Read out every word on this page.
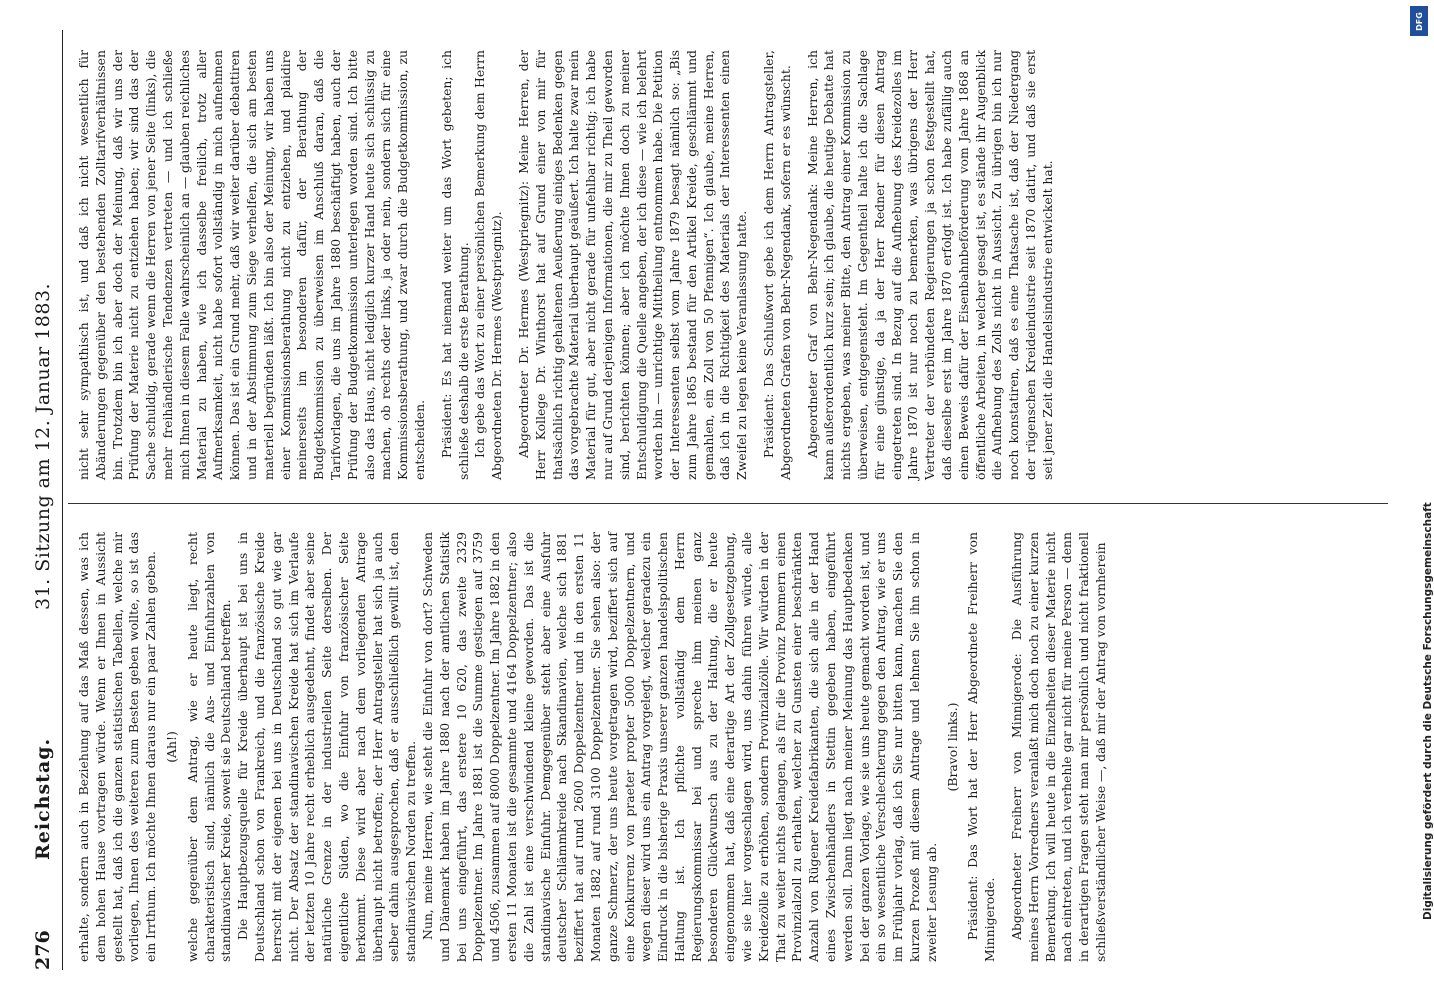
276
Reichstag.
31. Sitzung am 12. Januar 1883.

erhalte, sondern auch in Beziehung auf das Maß dessen, was ich dem hohen Hause vortragen würde. Wenn er Ihnen in Aussicht gestellt hat, daß ich die ganzen statistischen Tabellen, welche mir vorliegen, Ihnen des weiteren zum Besten geben wollte, so ist das ein Irrthum. Ich möchte Ihnen daraus nur ein paar Zahlen geben. (Ah!) welche gegenüber dem Antrag, wie er heute liegt, recht charakteristisch sind, nämlich die Aus- und Einfuhrzahlen von standinavischer Kreide, soweit sie Deutschland betreffen. Die Hauptbezugsquelle für Kreide überhaupt ist bei uns in Deutschland schon von Frankreich, und die französische Kreide herrscht mit der eigenen bei uns in Deutschland so gut wie gar nicht. Der Absatz der standinavischen Kreide hat sich im Verlaufe der letzten 10 Jahre recht erheblich ausgedehnt, findet aber seine natürliche Grenze in der industriellen Seite derselben. Der eigentliche Süden, wo die Einfuhr von französischer Seite herkommt. Diese wird aber nach dem vorliegenden Antrage überhaupt nicht betroffen; der Herr Antragsteller hat sich ja auch selber dahin ausgesprochen, daß er ausschließlich gewillt ist, den standinavischen Norden zu treffen. Nun, meine Herren, wie steht die Einfuhr von dort? Schweden und Dänemark haben im Jahre 1880 nach der amtlichen Statistik bei uns eingeführt, das erstere 10 620, das zweite 2329 Doppelzentner. Im Jahre 1881 ist die Summe gestiegen auf 3759 und 4506, zusammen auf 8000 Doppelzentner. Im Jahre 1882 in den ersten 11 Monaten ist die gesammte und 4164 Doppelzentner; also die Zahl ist eine verschwindend kleine geworden. Das ist die standinavische Einfuhr. Demgegenüber steht aber eine Ausfuhr deutscher Schlämmkreide nach Skandinavien, welche sich 1881 beziffert hat auf rund 2600 Doppelzentner und in den ersten 11 Monaten 1882 auf rund 3100 Doppelzentner. Sie sehen also: der ganze Schmerz, der uns heute vorgetragen wird, beziffert sich auf eine Konkurrenz von praeter propter 5000 Doppelzentnern, und wegen dieser wird uns ein Antrag vorgelegt, welcher geradezu ein Eindruck in die bisherige Praxis unserer ganzen handelspolitischen Haltung ist. Ich pflichte vollständig dem Herrn Regierungskommissar bei und spreche ihm meinen ganz besonderen Glückwunsch aus zu der Haltung, die er heute eingenommen hat, daß eine derartige Art der Zollgesetzgebung, wie sie hier vorgeschlagen wird, uns dahin führen würde, alle Kreidezölle zu erhöhen, sondern Provinzialzölle. Wir würden in der That zu weiter nichts gelangen, als für die Provinz Pommern einen Provinzialzoll zu erhalten, welcher zu Gunsten einer beschränkten Anzahl von Rügener Kreidefabrikanten, die sich alle in der Hand eines Zwischenhändlers in Stettin gegeben haben, eingeführt werden soll. Dann liegt nach meiner Meinung das Hauptbedenken bei der ganzen Vorlage, wie sie uns heute gemacht worden ist, und ein so wesentliche Verschlechterung gegen den Antrag, wie er uns im Frühjahr vorlag, daß ich Sie nur bitten kann, machen Sie den kurzen Prozeß mit diesem Antrage und lehnen Sie ihn schon in zweiter Lesung ab.

(Bravo! links.) Präsident: Das Wort hat der Herr Abgeordnete Freiherr von Minnigerode. Abgeordneter Freiherr von Minnigerode: Die Ausführung meines Herrn Vorredners veranlaßt mich doch noch zu einer kurzen Bemerkung. Ich will heute in die Einzelheiten dieser Materie nicht nach eintreten, und ich verhehle gar nicht für meine Person — denn in derartigen Fragen steht man mir persönlich und nicht fraktionell schließverständlicher Weise —, daß mir der Antrag von vornherein

nicht sehr sympathisch ist, und daß ich nicht wesentlich für Abänderungen gegenüber den bestehenden Zolltarifverhältnissen bin. Trotzdem bin ich aber doch der Meinung, daß wir uns der Prüfung der Materie nicht zu entziehen haben; wir sind das der Sache schuldig, gerade wenn die Herren von jener Seite (links), die mehr freihändlerische Tendenzen vertreten — und ich schließe mich Ihnen in diesem Falle wahrscheinlich an — glauben reichliches Material zu haben, wie ich dasselbe freilich, trotz aller Aufmerksamkeit, nicht habe sofort vollständig in mich aufnehmen können. Das ist ein Grund mehr, daß wir weiter darüber debattiren und in der Abstimmung zum Siege verhelfen, die sich am besten materiell begründen läßt. Ich bin also der Meinung, wir haben uns einer Kommissionsberathung nicht zu entziehen, und plaidire meinerseits im besonderen dafür, der Berathung der Budgetkommission zu überweisen im Anschluß daran, daß die Tarifvorlagen, die uns im Jahre 1880 beschäftigt haben, auch der Prüfung der Budgetkommission unterlegen worden sind. Ich bitte also das Haus, nicht lediglich kurzer Hand heute sich schlüssig zu machen, ob rechts oder links, ja oder nein, sondern sich für eine Kommissionsberathung, und zwar durch die Budgetkommission, zu entscheiden. Präsident: Es hat niemand weiter um das Wort gebeten; ich schließe deshalb die erste Berathung. Ich gebe das Wort zu einer persönlichen Bemerkung dem Herrn Abgeordneten Dr. Hermes (Westpriegnitz). Abgeordneter Dr. Hermes (Westpriegnitz): Meine Herren, der Herr Kollege Dr. Winthorst hat auf Grund einer von mir für thatsächlich richtig gehaltenen Aeußerung einiges Bedenken gegen das vorgebrachte Material überhaupt geäußert. Ich halte zwar mein Material für gut, aber nicht gerade für unfehlbar richtig; ich habe nur auf Grund derjenigen Informationen, die mir zu Theil geworden sind, berichten können; aber ich möchte Ihnen doch zu meiner Entschuldigung die Quelle angeben, der ich diese — wie ich belehrt worden bin — unrichtige Mittheilung entnommen habe. Die Petition der Interessenten selbst vom Jahre 1879 besagt nämlich so: „Bis zum Jahre 1865 bestand für den Artikel Kreide, geschlämmt und gemahlen, ein Zoll von 50 Pfennigen“. Ich glaube, meine Herren, daß ich in die Richtigkeit des Materials der Interessenten einen Zweifel zu legen keine Veranlassung hatte. Präsident: Das Schlußwort gebe ich dem Herrn Antragsteller, Abgeordneten Grafen von Behr-Negendank, sofern er es wünscht. Abgeordneter Graf von Behr-Negendank: Meine Herren, ich kann außerordentlich kurz sein; ich glaube, die heutige Debatte hat nichts ergeben, was meiner Bitte, den Antrag einer Kommission zu überweisen, entgegensteht. Im Gegentheil halte ich die Sachlage für eine günstige, da ja der Herr Redner für diesen Antrag eingetreten sind. In Bezug auf die Aufhebung des Kreidezolles im Jahre 1870 ist nur noch zu bemerken, was übrigens der Herr Vertreter der verbündeten Regierungen ja schon festgestellt hat, daß dieselbe erst im Jahre 1870 erfolgt ist. Ich habe zufällig auch einen Beweis dafür der Eisenbahnbeförderung vom Jahre 1868 an öffentliche Arbeiten, in welcher gesagt ist, es stände ihr Augenblick die Aufhebung des Zolls nicht in Aussicht. Zu übrigen bin ich nur noch konstatiren, daß es eine Thatsache ist, daß der Niedergang der rügenschen Kreideindustrie seit 1870 datirt, und daß sie erst seit jener Zeit die Handelsindustrie entwickelt hat.

DFG
Digitalisierung gefördert durch die Deutsche Forschungsgemeinschaft
